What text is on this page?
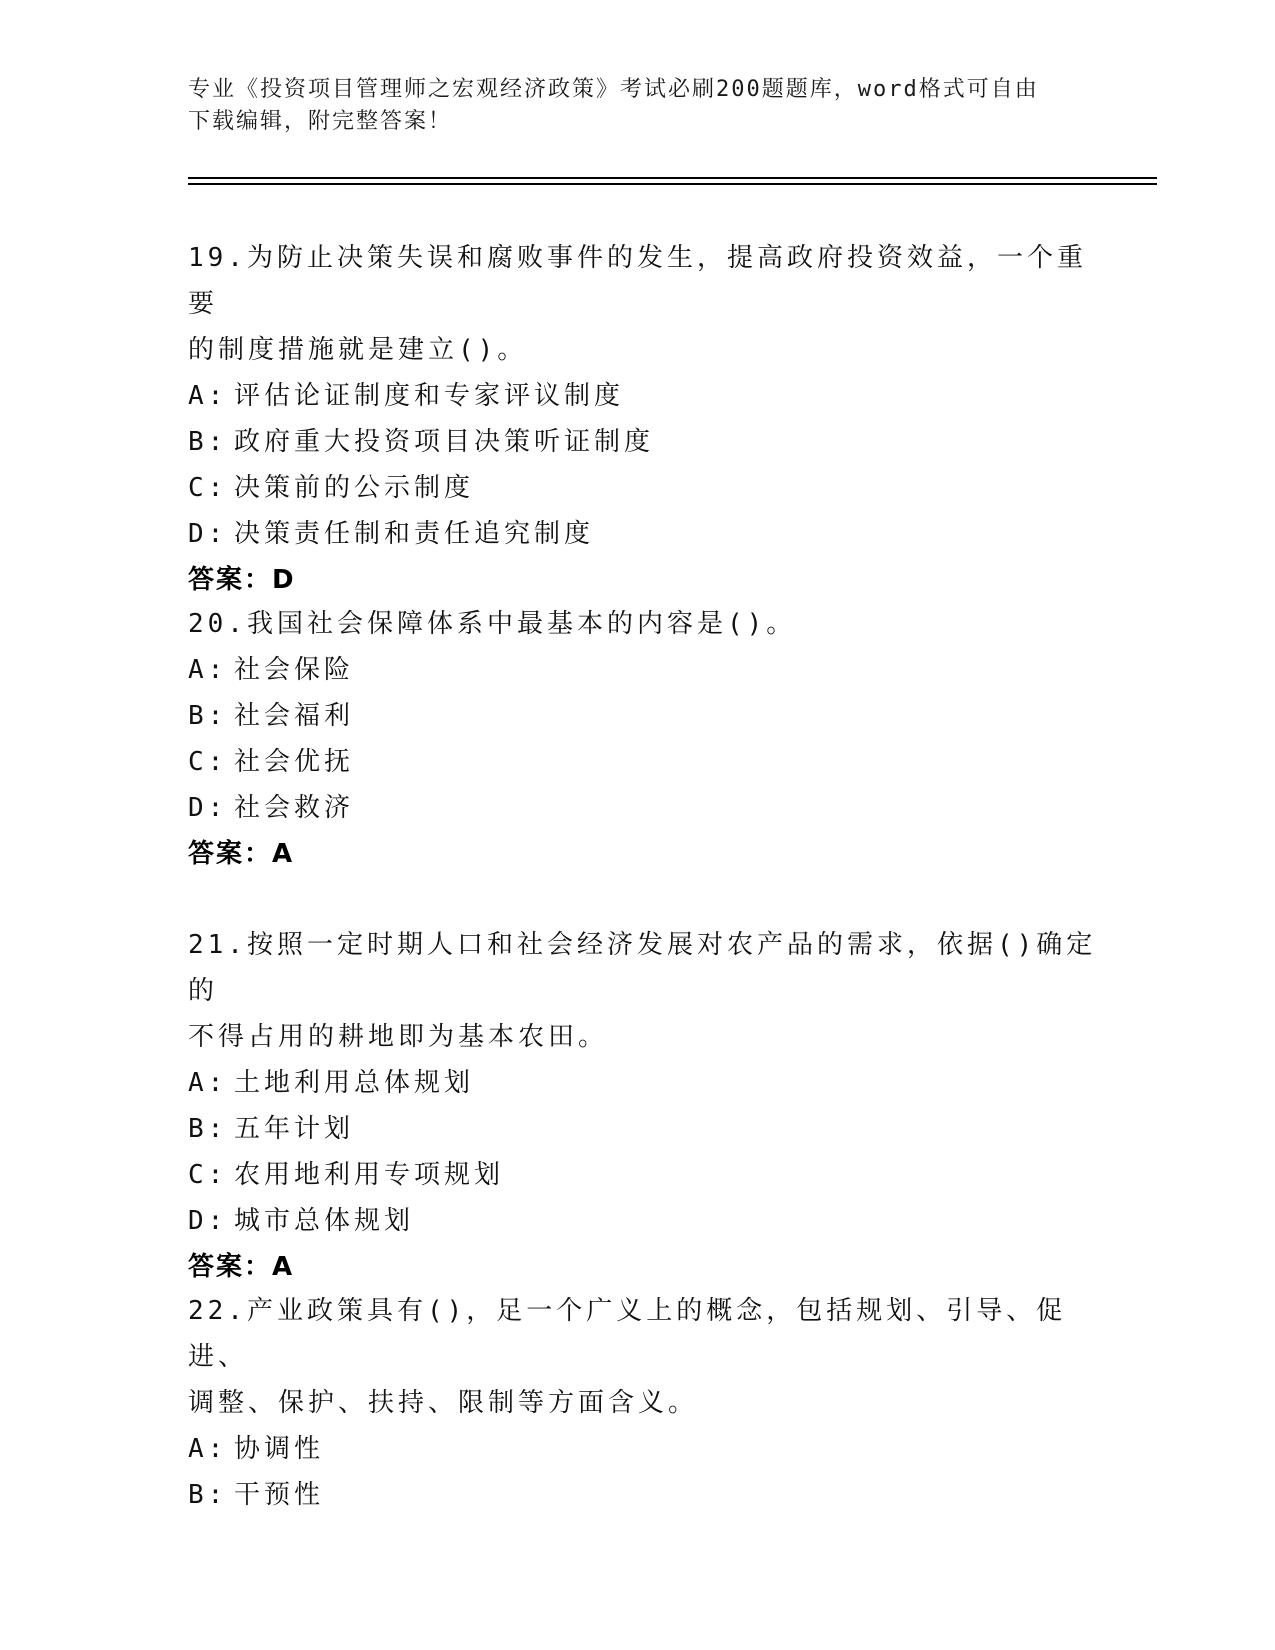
专业《投资项目管理师之宏观经济政策》考试必刷200题题库，word格式可自由
下载编辑，附完整答案！
19.为防止决策失误和腐败事件的发生，提高政府投资效益，一个重要
的制度措施就是建立()。
A: 评估论证制度和专家评议制度
B: 政府重大投资项目决策听证制度
C: 决策前的公示制度
D: 决策责任制和责任追究制度
答案：D
20.我国社会保障体系中最基本的内容是()。
A: 社会保险
B: 社会福利
C: 社会优抚
D: 社会救济
答案：A
21.按照一定时期人口和社会经济发展对农产品的需求，依据()确定的
不得占用的耕地即为基本农田。
A: 土地利用总体规划
B: 五年计划
C: 农用地利用专项规划
D: 城市总体规划
答案：A
22.产业政策具有()，足一个广义上的概念，包括规划、引导、促进、
调整、保护、扶持、限制等方面含义。
A: 协调性
B: 干预性
